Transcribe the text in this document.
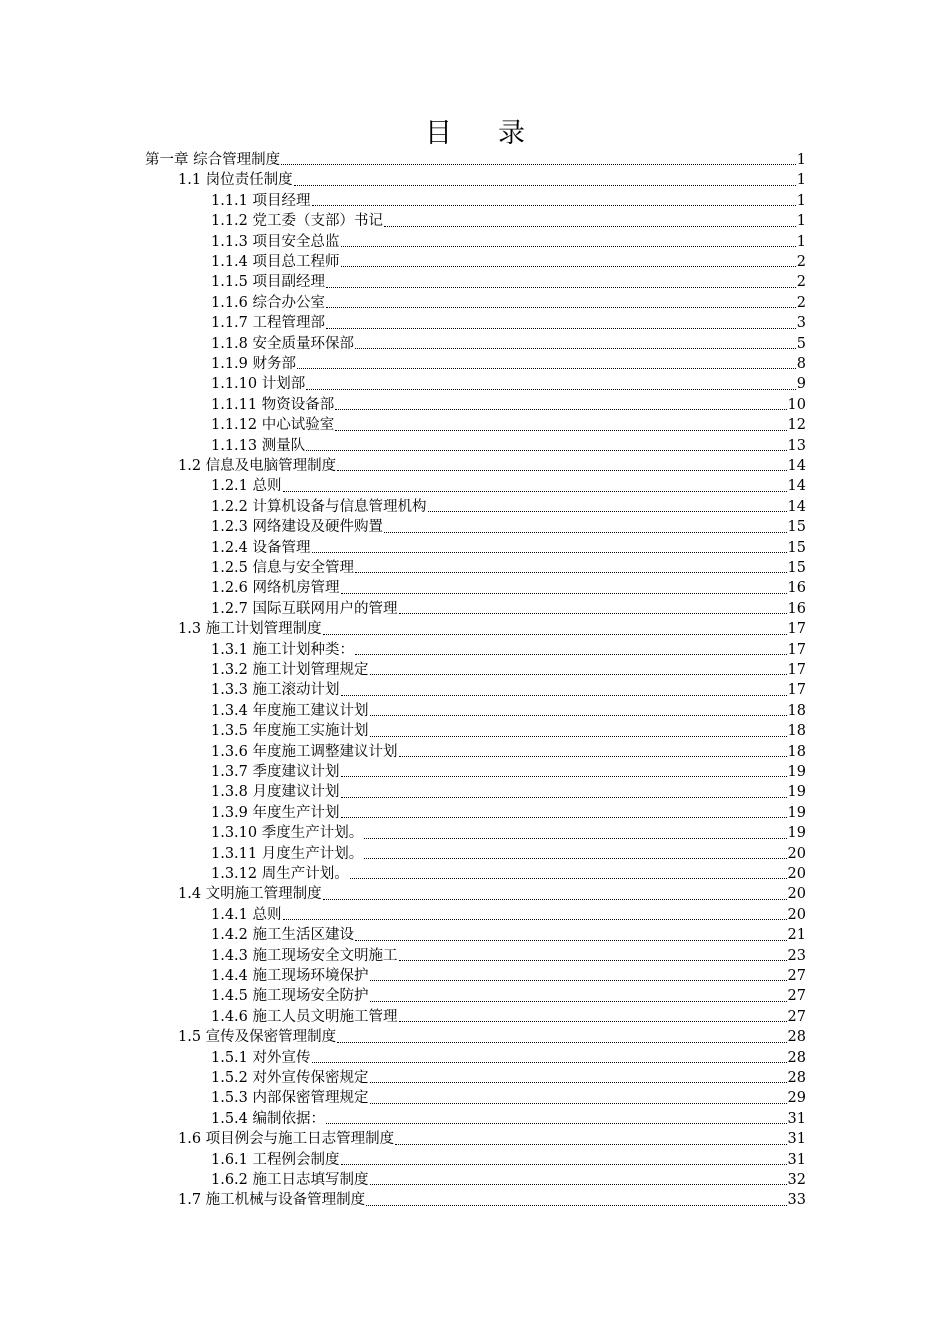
目 录
第一章 综合管理制度	1
1.1 岗位责任制度	1
1.1.1 项目经理	1
1.1.2 党工委（支部）书记	1
1.1.3 项目安全总监	1
1.1.4 项目总工程师	2
1.1.5 项目副经理	2
1.1.6 综合办公室	2
1.1.7 工程管理部	3
1.1.8 安全质量环保部	5
1.1.9 财务部	8
1.1.10 计划部	9
1.1.11 物资设备部	10
1.1.12 中心试验室	12
1.1.13 测量队	13
1.2 信息及电脑管理制度	14
1.2.1 总则	14
1.2.2 计算机设备与信息管理机构	14
1.2.3 网络建设及硬件购置	15
1.2.4 设备管理	15
1.2.5 信息与安全管理	15
1.2.6 网络机房管理	16
1.2.7 国际互联网用户的管理	16
1.3 施工计划管理制度	17
1.3.1 施工计划种类：	17
1.3.2 施工计划管理规定	17
1.3.3 施工滚动计划	17
1.3.4 年度施工建议计划	18
1.3.5 年度施工实施计划	18
1.3.6 年度施工调整建议计划	18
1.3.7 季度建议计划	19
1.3.8 月度建议计划	19
1.3.9 年度生产计划	19
1.3.10 季度生产计划。	19
1.3.11 月度生产计划。	20
1.3.12 周生产计划。	20
1.4 文明施工管理制度	20
1.4.1 总则	20
1.4.2 施工生活区建设	21
1.4.3 施工现场安全文明施工	23
1.4.4 施工现场环境保护	27
1.4.5 施工现场安全防护	27
1.4.6 施工人员文明施工管理	27
1.5 宣传及保密管理制度	28
1.5.1 对外宣传	28
1.5.2 对外宣传保密规定	28
1.5.3 内部保密管理规定	29
1.5.4 编制依据：	31
1.6 项目例会与施工日志管理制度	31
1.6.1 工程例会制度	31
1.6.2 施工日志填写制度	32
1.7 施工机械与设备管理制度	33
